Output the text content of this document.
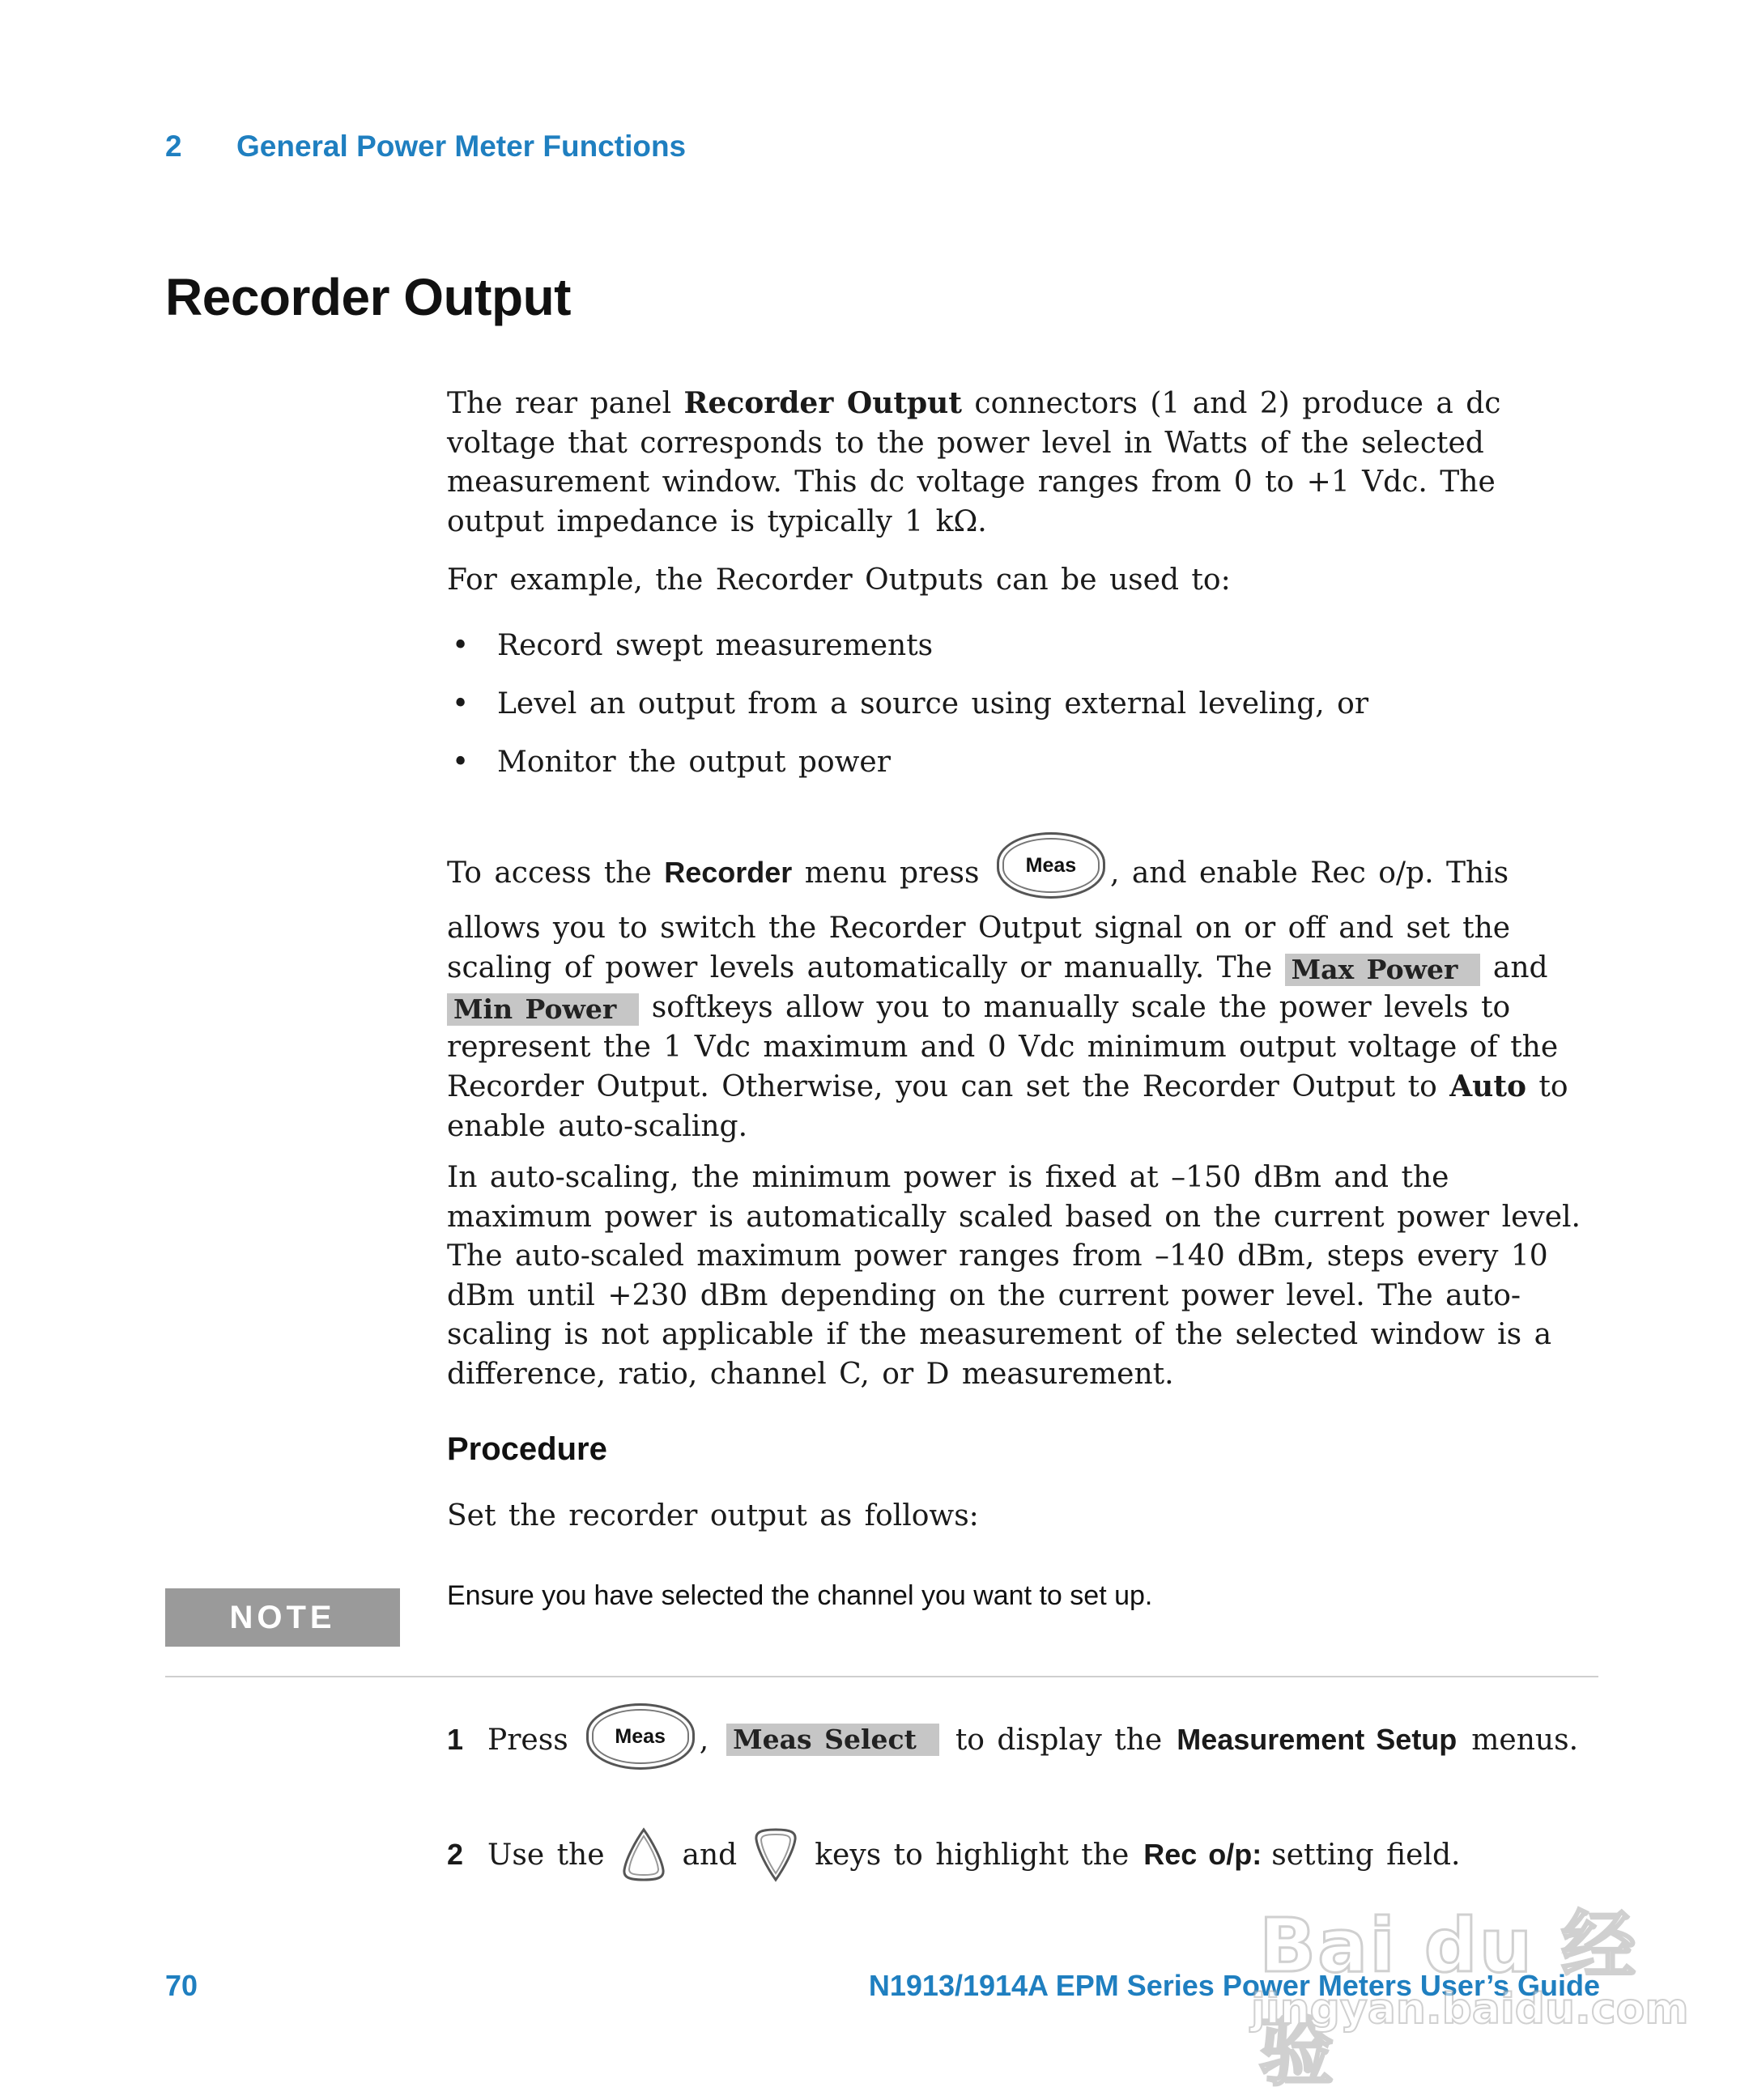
2	General Power Meter Functions
Recorder Output

The rear panel Recorder Output connectors (1 and 2) produce a dc voltage that corresponds to the power level in Watts of the selected measurement window. This dc voltage ranges from 0 to +1 Vdc. The output impedance is typically 1 kΩ.

For example, the Recorder Outputs can be used to:

• Record swept measurements
• Level an output from a source using external leveling, or
• Monitor the output power

To access the Recorder menu press Meas , and enable Rec o/p. This allows you to switch the Recorder Output signal on or off and set the scaling of power levels automatically or manually. The Max Power and Min Power softkeys allow you to manually scale the power levels to represent the 1 Vdc maximum and 0 Vdc minimum output voltage of the Recorder Output. Otherwise, you can set the Recorder Output to Auto to enable auto-scaling.

In auto-scaling, the minimum power is fixed at –150 dBm and the maximum power is automatically scaled based on the current power level. The auto-scaled maximum power ranges from –140 dBm, steps every 10 dBm until +230 dBm depending on the current power level. The auto-scaling is not applicable if the measurement of the selected window is a difference, ratio, channel C, or D measurement.

Procedure
Set the recorder output as follows:
NOTE
Ensure you have selected the channel you want to set up.
1 Press	Meas	, Meas Select	to display the Measurement Setup menus.
2 Use the	and	keys to highlight the Rec o/p: setting field.
70	N1913/1914A EPM Series Power Meters User’s Guide
Bai du 经验
jingyan.baidu.com
